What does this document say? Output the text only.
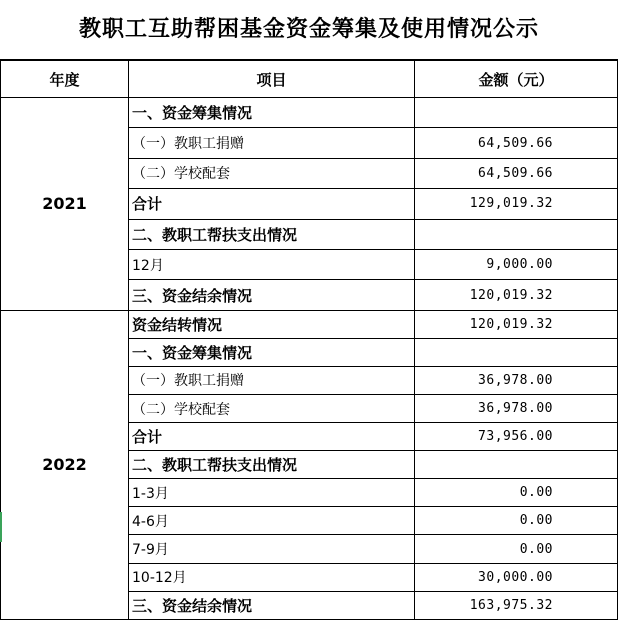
教职工互助帮困基金资金筹集及使用情况公示
年度	项目	金额（元）
2021	一、资金筹集情况	
	（一）教职工捐赠	64,509.66
	（二）学校配套	64,509.66
	合计	129,019.32
	二、教职工帮扶支出情况	
	12月	9,000.00
	三、资金结余情况	120,019.32
2022	资金结转情况	120,019.32
	一、资金筹集情况	
	（一）教职工捐赠	36,978.00
	（二）学校配套	36,978.00
	合计	73,956.00
	二、教职工帮扶支出情况	
	1-3月	0.00
	4-6月	0.00
	7-9月	0.00
	10-12月	30,000.00
	三、资金结余情况	163,975.32
